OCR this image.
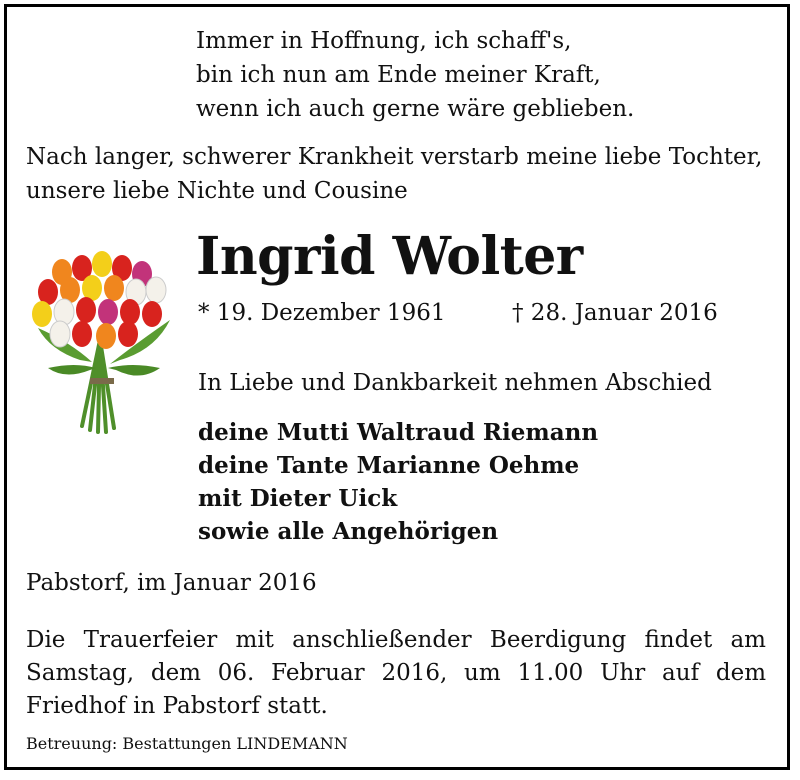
Immer in Hoffnung, ich schaff's,
bin ich nun am Ende meiner Kraft,
wenn ich auch gerne wäre geblieben.
Nach langer, schwerer Krankheit verstarb meine liebe Tochter,
unsere liebe Nichte und Cousine
Ingrid Wolter
* 19. Dezember 1961	† 28. Januar 2016
In Liebe und Dankbarkeit nehmen Abschied
deine Mutti Waltraud Riemann
deine Tante Marianne Oehme
mit Dieter Uick
sowie alle Angehörigen
Pabstorf, im Januar 2016
Die Trauerfeier mit anschließender Beerdigung findet am
Samstag, dem 06. Februar 2016, um 11.00 Uhr auf dem
Friedhof in Pabstorf statt.
Betreuung: Bestattungen LINDEMANN
